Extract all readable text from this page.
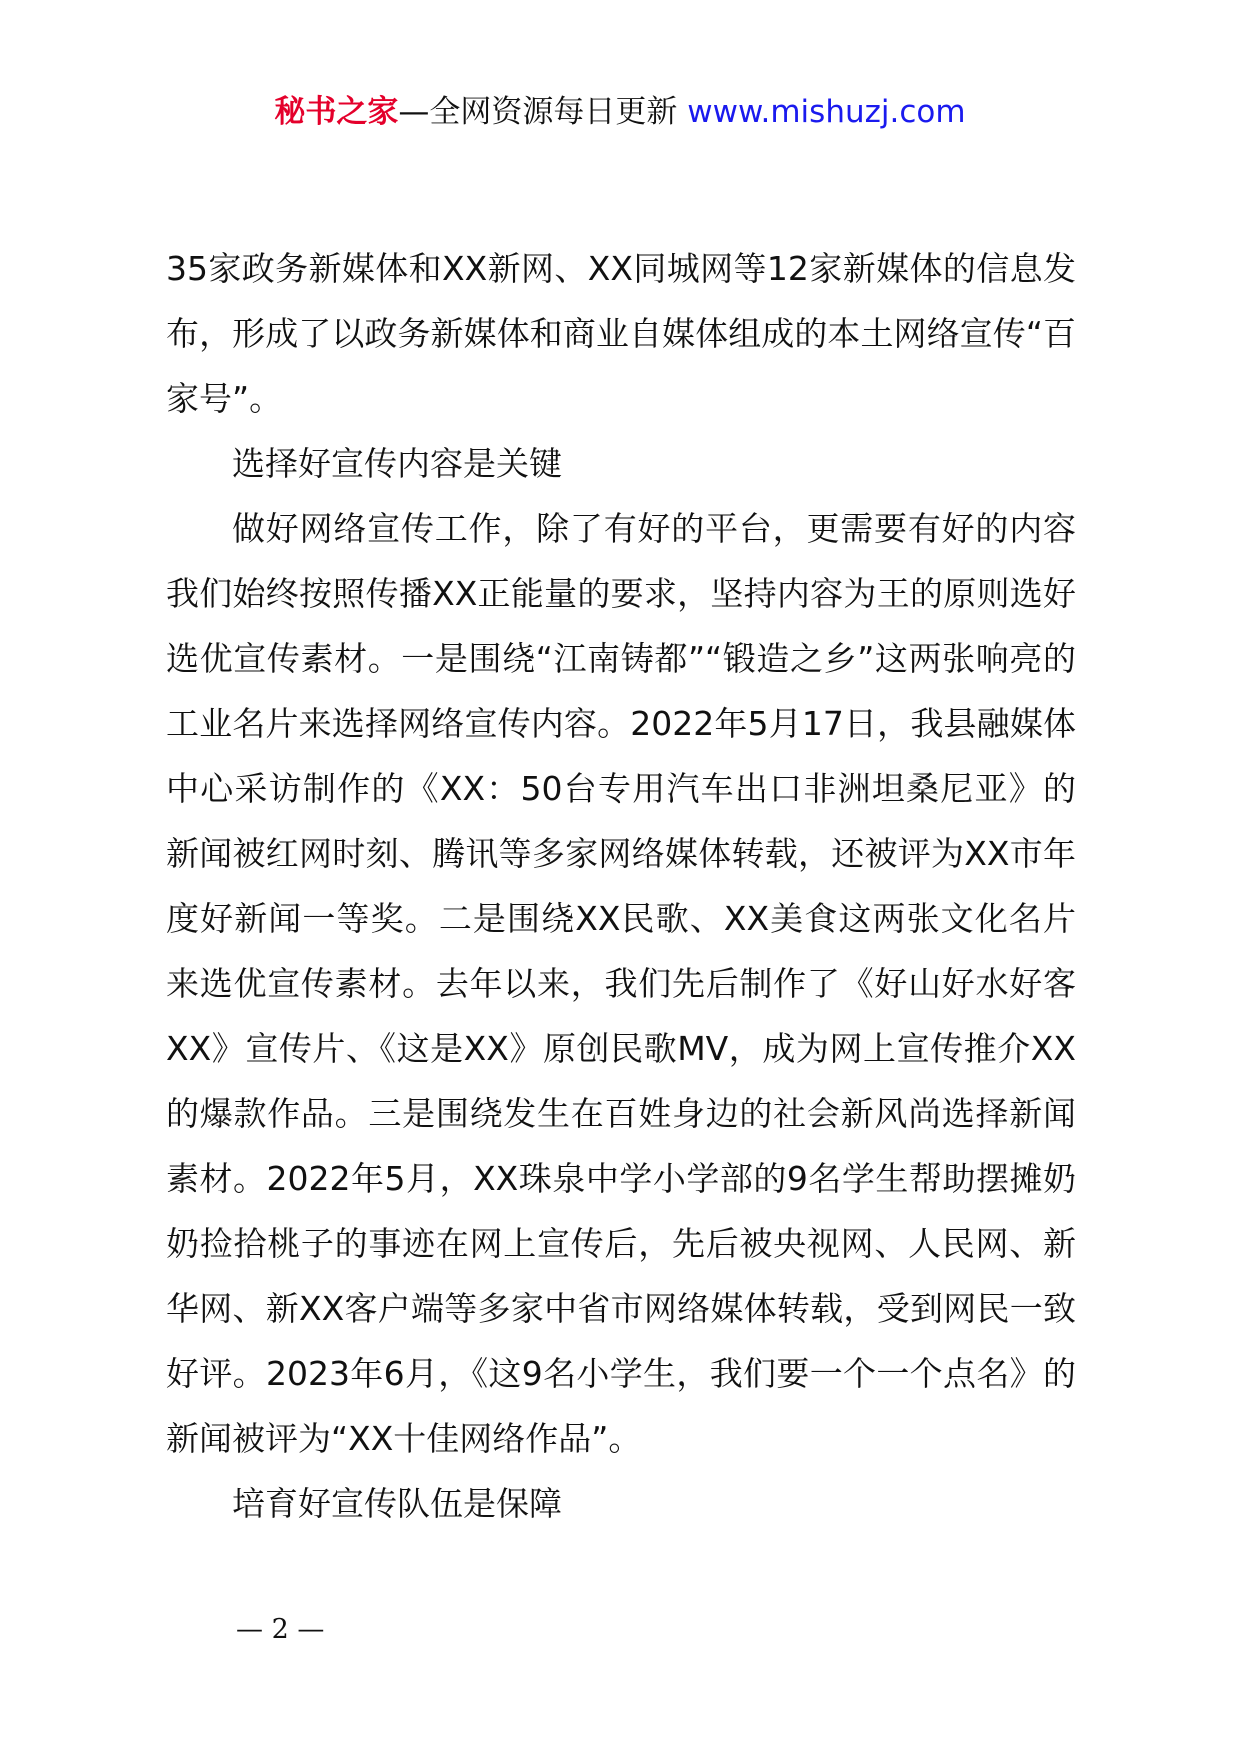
秘书之家—全网资源每日更新 www.mishuzj.com

35家政务新媒体和XX新网、XX同城网等12家新媒体的信息发布，形成了以政务新媒体和商业自媒体组成的本土网络宣传“百家号”。

选择好宣传内容是关键

做好网络宣传工作，除了有好的平台，更需要有好的内容我们始终按照传播XX正能量的要求，坚持内容为王的原则选好选优宣传素材。一是围绕“江南铸都”“锻造之乡”这两张响亮的工业名片来选择网络宣传内容。2022年5月17日，我县融媒体中心采访制作的《XX：50台专用汽车出口非洲坦桑尼亚》的新闻被红网时刻、腾讯等多家网络媒体转载，还被评为XX市年度好新闻一等奖。二是围绕XX民歌、XX美食这两张文化名片来选优宣传素材。去年以来，我们先后制作了《好山好水好客XX》宣传片、《这是XX》原创民歌MV，成为网上宣传推介XX的爆款作品。三是围绕发生在百姓身边的社会新风尚选择新闻素材。2022年5月，XX珠泉中学小学部的9名学生帮助摆摊奶奶捡拾桃子的事迹在网上宣传后，先后被央视网、人民网、新华网、新XX客户端等多家中省市网络媒体转载，受到网民一致好评。2023年6月，《这9名小学生，我们要一个一个点名》的新闻被评为“XX十佳网络作品”。

培育好宣传队伍是保障

— 2 —
